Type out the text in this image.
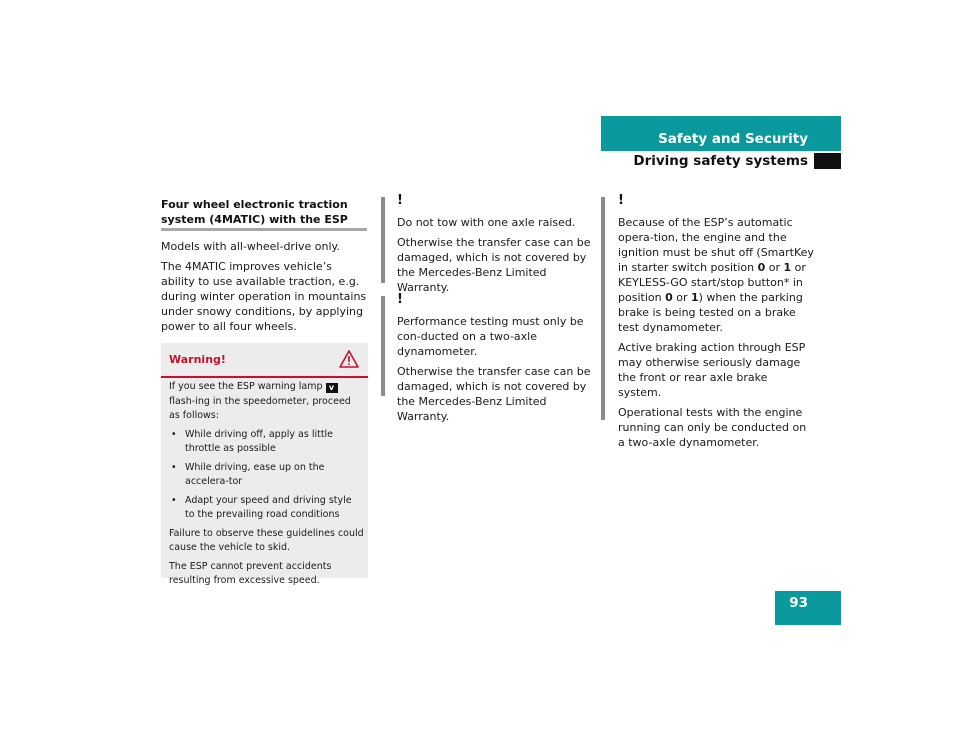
Safety and Security
Driving safety systems
Four wheel electronic traction system (4MATIC) with the ESP

Models with all-wheel-drive only.

The 4MATIC improves vehicle’s ability to use available traction, e.g. during winter operation in mountains under snowy conditions, by applying power to all four wheels.

Warning!

If you see the ESP warning lamp v flash-ing in the speedometer, proceed as follows:

• While driving off, apply as little throttle as possible
• While driving, ease up on the accelera-tor
• Adapt your speed and driving style to the prevailing road conditions

Failure to observe these guidelines could cause the vehicle to skid.

The ESP cannot prevent accidents resulting from excessive speed.

!

Do not tow with one axle raised.

Otherwise the transfer case can be damaged, which is not covered by the Mercedes-Benz Limited Warranty.

!

Performance testing must only be con-ducted on a two-axle dynamometer.

Otherwise the transfer case can be damaged, which is not covered by the Mercedes-Benz Limited Warranty.

!

Because of the ESP’s automatic opera-tion, the engine and the ignition must be shut off (SmartKey in starter switch position 0 or 1 or KEYLESS-GO start/stop button* in position 0 or 1) when the parking brake is being tested on a brake test dynamometer.

Active braking action through ESP may otherwise seriously damage the front or rear axle brake system.

Operational tests with the engine running can only be conducted on a two-axle dynamometer.

93
